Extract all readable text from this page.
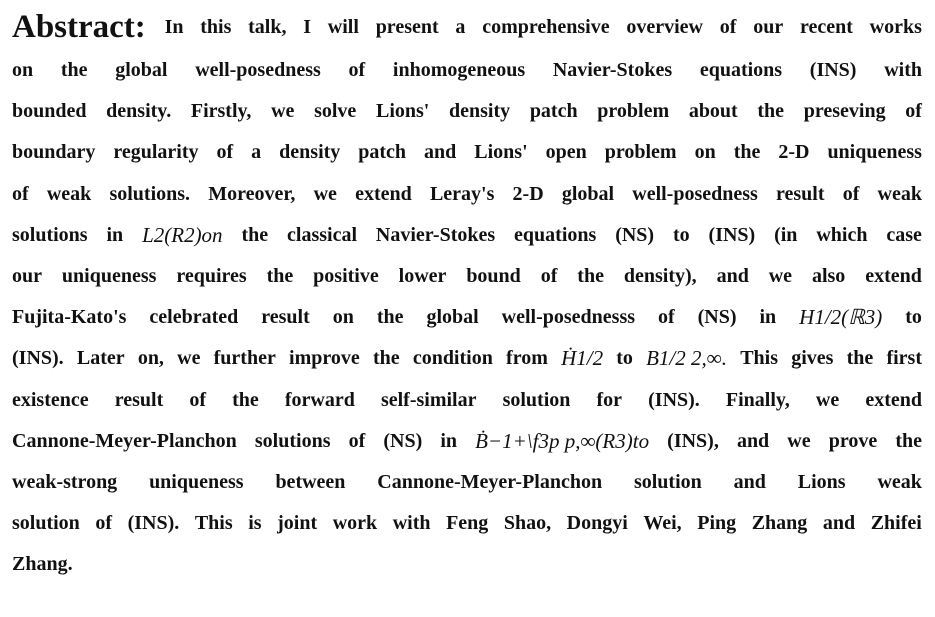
Abstract: In this talk, I will present a comprehensive overview of our recent works
on the global well-posedness of inhomogeneous Navier-Stokes equations (INS) with
bounded density. Firstly, we solve Lions' density patch problem about the preseving of
boundary regularity of a density patch and Lions' open problem on the 2-D uniqueness
of weak solutions. Moreover, we extend Leray's 2-D global well-posedness result of weak
solutions in L2(R2)on the classical Navier-Stokes equations (NS) to (INS) (in which case
our uniqueness requires the positive lower bound of the density), and we also extend
Fujita-Kato's celebrated result on the global well-posednesss of (NS) in H1/2(ℝ3) to
(INS). Later on, we further improve the condition from Ḣ1/2 to B1/2 2,∞. This gives the first
existence result of the forward self-similar solution for (INS). Finally, we extend
Cannone-Meyer-Planchon solutions of (NS) in Ḃ−1+\f3p p,∞(R3)to (INS), and we prove the
weak-strong uniqueness between Cannone-Meyer-Planchon solution and Lions weak
solution of (INS). This is joint work with Feng Shao, Dongyi Wei, Ping Zhang and Zhifei
Zhang.
